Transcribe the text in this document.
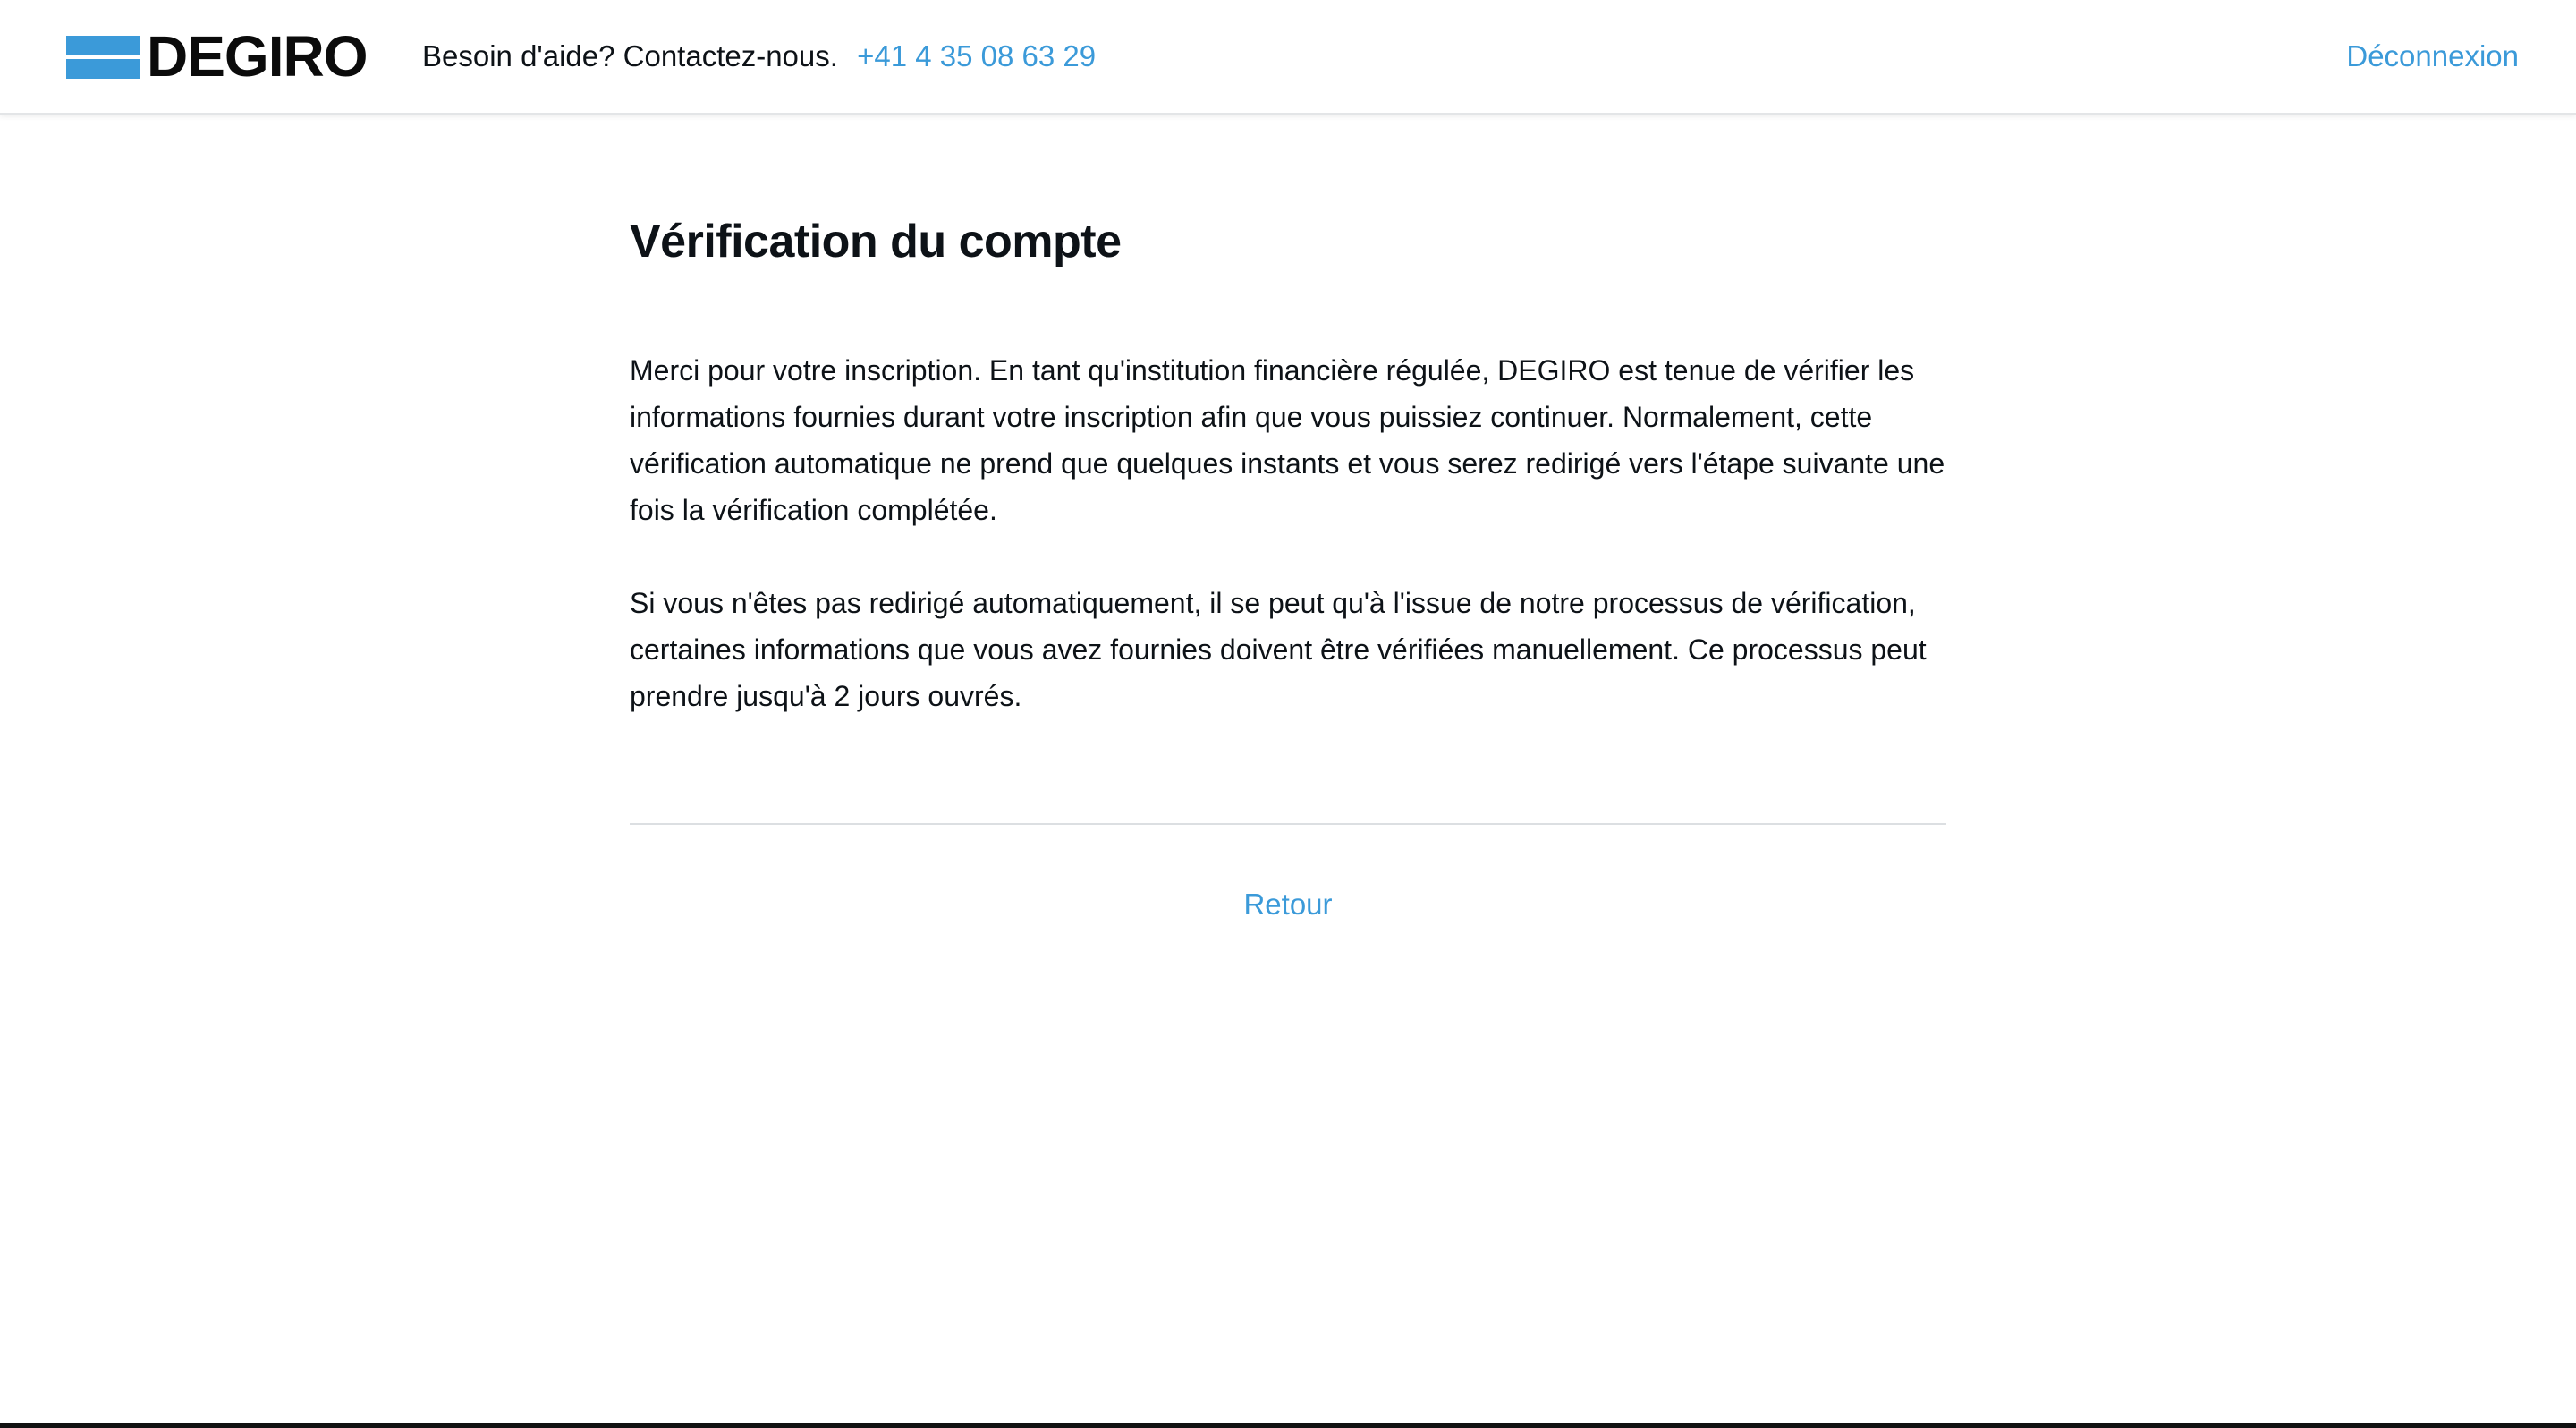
DEGIRO Besoin d'aide? Contactez-nous. +41 4 35 08 63 29	Déconnexion
Vérification du compte

Merci pour votre inscription. En tant qu'institution financière régulée, DEGIRO est tenue de vérifier les informations fournies durant votre inscription afin que vous puissiez continuer. Normalement, cette vérification automatique ne prend que quelques instants et vous serez redirigé vers l'étape suivante une fois la vérification complétée.

Si vous n'êtes pas redirigé automatiquement, il se peut qu'à l'issue de notre processus de vérification, certaines informations que vous avez fournies doivent être vérifiées manuellement. Ce processus peut prendre jusqu'à 2 jours ouvrés.

Retour
